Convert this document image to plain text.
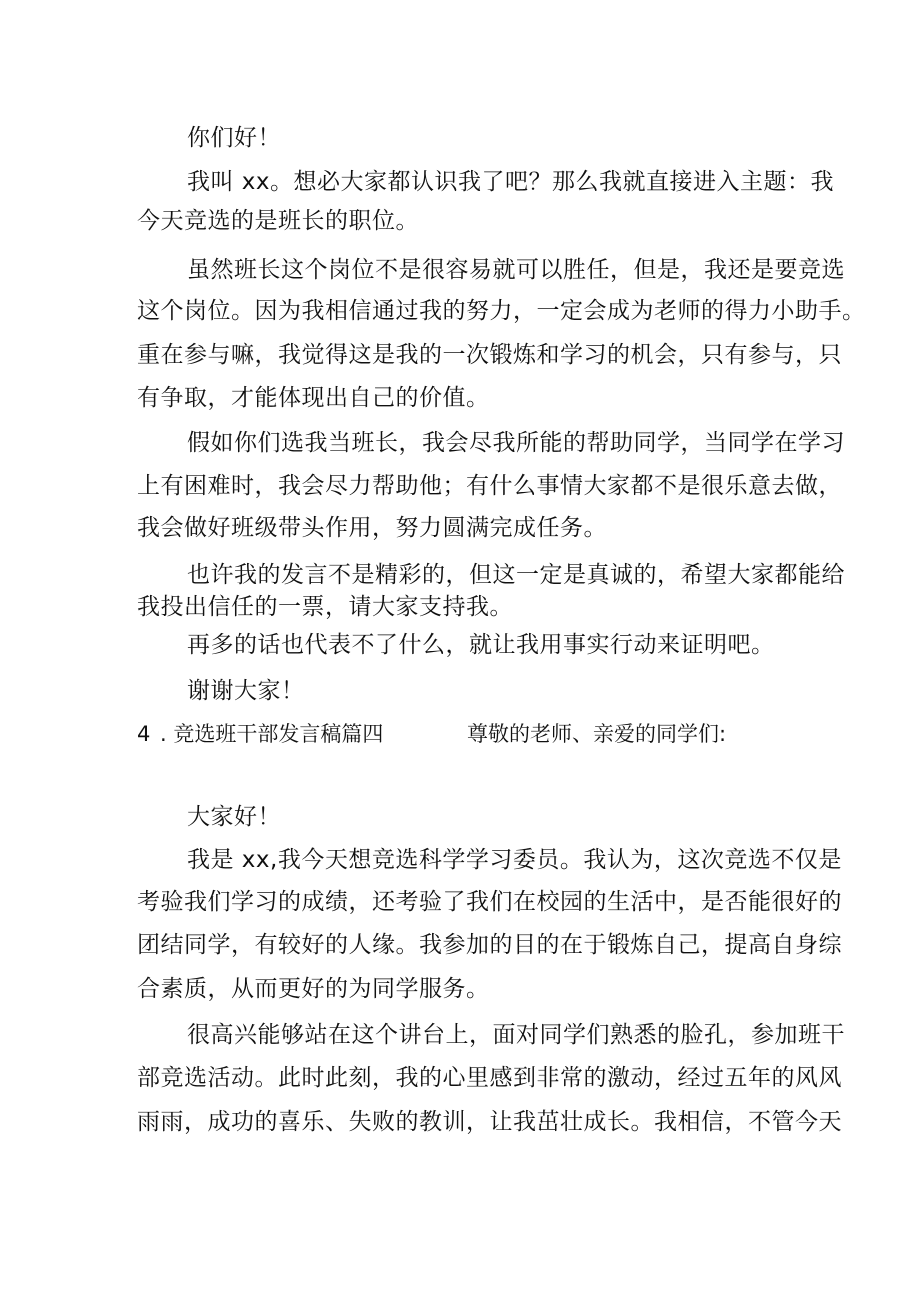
你们好！
我叫 xx。想必大家都认识我了吧？那么我就直接进入主题：我
今天竞选的是班长的职位。
虽然班长这个岗位不是很容易就可以胜任，但是，我还是要竞选
这个岗位。因为我相信通过我的努力，一定会成为老师的得力小助手。
重在参与嘛，我觉得这是我的一次锻炼和学习的机会，只有参与，只
有争取，才能体现出自己的价值。
假如你们选我当班长，我会尽我所能的帮助同学，当同学在学习
上有困难时，我会尽力帮助他；有什么事情大家都不是很乐意去做，
我会做好班级带头作用，努力圆满完成任务。
也许我的发言不是精彩的，但这一定是真诚的，希望大家都能给
我投出信任的一票，请大家支持我。
再多的话也代表不了什么，就让我用事实行动来证明吧。
谢谢大家！
4 . 竞选班干部发言稿篇四	尊敬的老师、亲爱的同学们:
大家好！
我是 xx,我今天想竞选科学学习委员。我认为，这次竞选不仅是
考验我们学习的成绩，还考验了我们在校园的生活中，是否能很好的
团结同学，有较好的人缘。我参加的目的在于锻炼自己，提高自身综
合素质，从而更好的为同学服务。
很高兴能够站在这个讲台上，面对同学们熟悉的脸孔，参加班干
部竞选活动。此时此刻，我的心里感到非常的激动，经过五年的风风
雨雨，成功的喜乐、失败的教训，让我茁壮成长。我相信，不管今天
